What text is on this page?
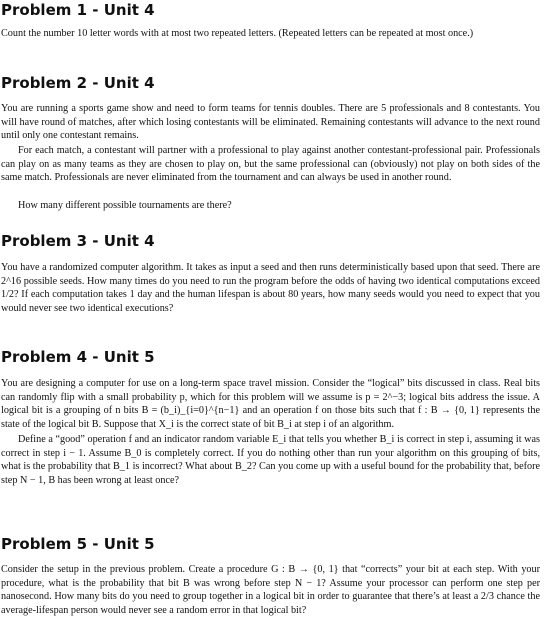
Problem 1 - Unit 4

Count the number 10 letter words with at most two repeated letters. (Repeated letters can be repeated at most once.)

Problem 2 - Unit 4

You are running a sports game show and need to form teams for tennis doubles. There are 5 professionals and 8 contestants. You will have round of matches, after which losing contestants will be eliminated. Remaining contestants will advance to the next round until only one contestant remains.

For each match, a contestant will partner with a professional to play against another contestant-professional pair. Professionals can play on as many teams as they are chosen to play on, but the same professional can (obviously) not play on both sides of the same match. Professionals are never eliminated from the tournament and can always be used in another round.

How many different possible tournaments are there?

Problem 3 - Unit 4

You have a randomized computer algorithm. It takes as input a seed and then runs deterministically based upon that seed. There are 2^16 possible seeds. How many times do you need to run the program before the odds of having two identical computations exceed 1/2? If each computation takes 1 day and the human lifespan is about 80 years, how many seeds would you need to expect that you would never see two identical executions?

Problem 4 - Unit 5

You are designing a computer for use on a long-term space travel mission. Consider the “logical” bits discussed in class. Real bits can randomly flip with a small probability p, which for this problem will we assume is p = 2^−3; logical bits address the issue. A logical bit is a grouping of n bits B = (b_i)_{i=0}^{n−1} and an operation f on those bits such that f : B → {0, 1} represents the state of the logical bit B. Suppose that X_i is the correct state of bit B_i at step i of an algorithm.

Define a “good” operation f and an indicator random variable E_i that tells you whether B_i is correct in step i, assuming it was correct in step i − 1. Assume B_0 is completely correct. If you do nothing other than run your algorithm on this grouping of bits, what is the probability that B_1 is incorrect? What about B_2? Can you come up with a useful bound for the probability that, before step N − 1, B has been wrong at least once?

Problem 5 - Unit 5

Consider the setup in the previous problem. Create a procedure G : B → {0, 1} that “corrects” your bit at each step. With your procedure, what is the probability that bit B was wrong before step N − 1? Assume your processor can perform one step per nanosecond. How many bits do you need to group together in a logical bit in order to guarantee that there’s at least a 2/3 chance the average-lifespan person would never see a random error in that logical bit?
